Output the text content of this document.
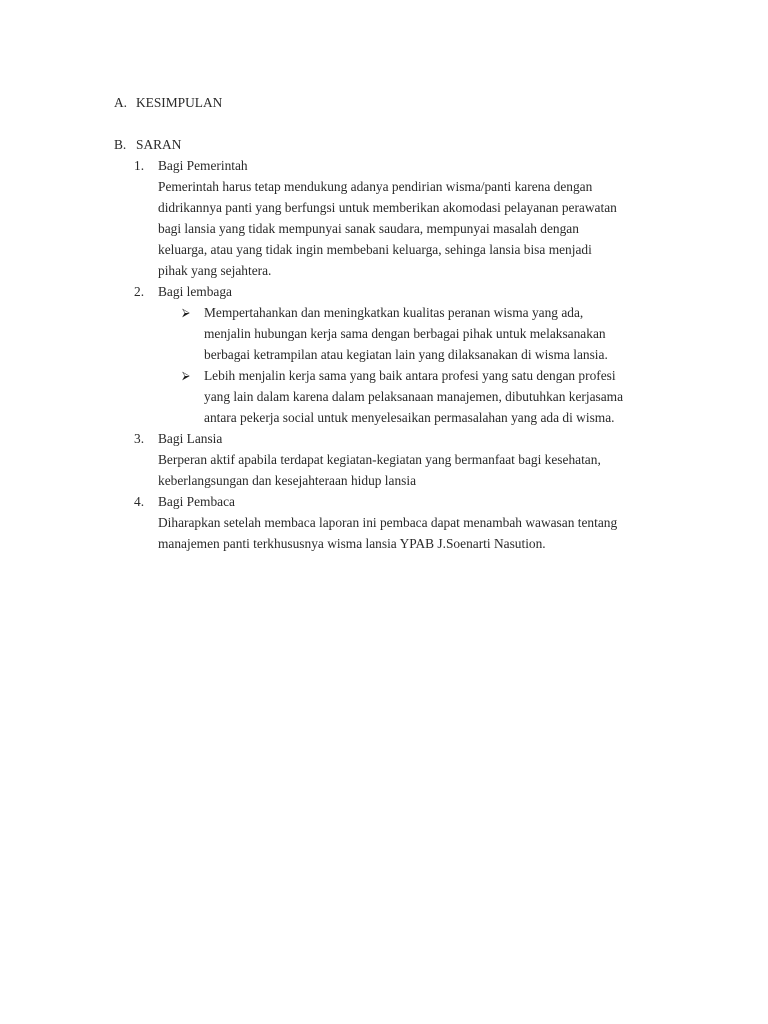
A. KESIMPULAN
B. SARAN
1. Bagi Pemerintah
Pemerintah harus tetap mendukung adanya pendirian wisma/panti karena dengan
didrikannya panti yang berfungsi untuk memberikan akomodasi pelayanan perawatan
bagi lansia yang tidak mempunyai sanak saudara, mempunyai masalah dengan
keluarga, atau yang tidak ingin membebani keluarga, sehinga lansia bisa menjadi
pihak yang sejahtera.
2. Bagi lembaga
⮚ Mempertahankan dan meningkatkan kualitas peranan wisma yang ada,
menjalin hubungan kerja sama dengan berbagai pihak untuk melaksanakan
berbagai ketrampilan atau kegiatan lain yang dilaksanakan di wisma lansia.
⮚ Lebih menjalin kerja sama yang baik antara profesi yang satu dengan profesi
yang lain dalam karena dalam pelaksanaan manajemen, dibutuhkan kerjasama
antara pekerja social untuk menyelesaikan permasalahan yang ada di wisma.
3. Bagi Lansia
Berperan aktif apabila terdapat kegiatan-kegiatan yang bermanfaat bagi kesehatan,
keberlangsungan dan kesejahteraan hidup lansia
4. Bagi Pembaca
Diharapkan setelah membaca laporan ini pembaca dapat menambah wawasan tentang
manajemen panti terkhususnya wisma lansia YPAB J.Soenarti Nasution.
